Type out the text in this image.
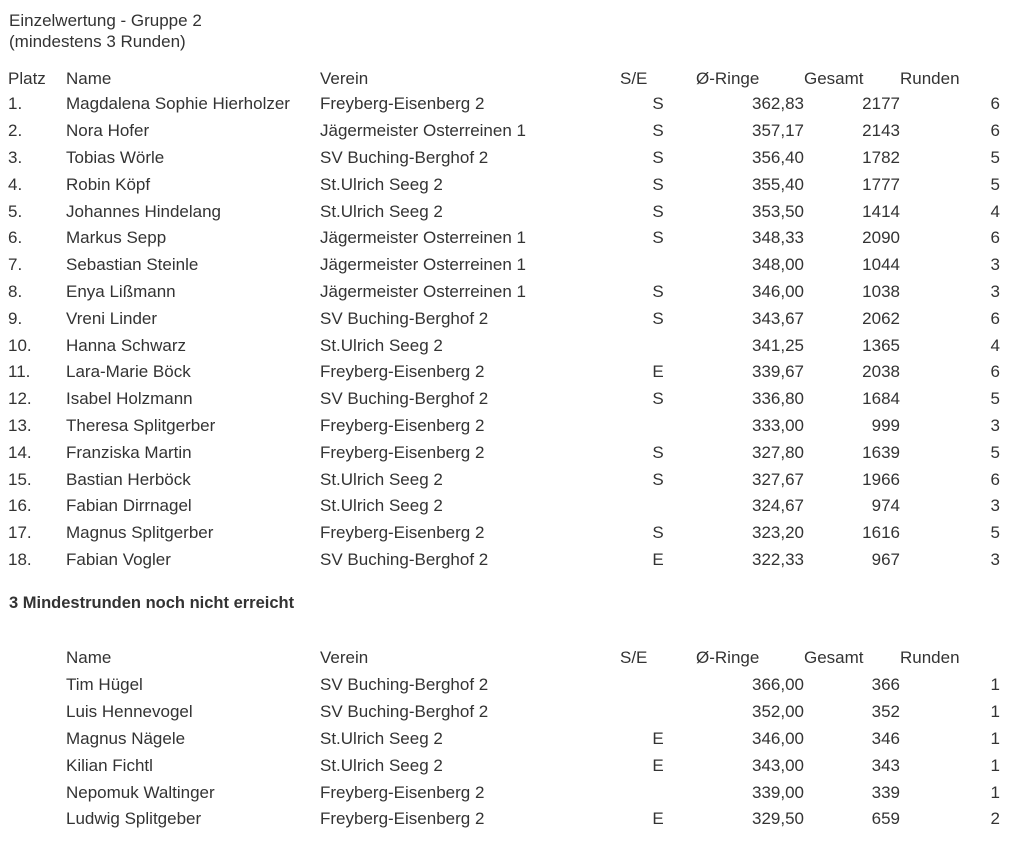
Einzelwertung - Gruppe 2
(mindestens 3 Runden)
Platz	Name	Verein	S/E	Ø-Ringe	Gesamt	Runden
1.	Magdalena Sophie Hierholzer	Freyberg-Eisenberg 2	S	362,83	2177	6
2.	Nora Hofer	Jägermeister Osterreinen 1	S	357,17	2143	6
3.	Tobias Wörle	SV Buching-Berghof 2	S	356,40	1782	5
4.	Robin Köpf	St.Ulrich Seeg 2	S	355,40	1777	5
5.	Johannes Hindelang	St.Ulrich Seeg 2	S	353,50	1414	4
6.	Markus Sepp	Jägermeister Osterreinen 1	S	348,33	2090	6
7.	Sebastian Steinle	Jägermeister Osterreinen 1		348,00	1044	3
8.	Enya Lißmann	Jägermeister Osterreinen 1	S	346,00	1038	3
9.	Vreni Linder	SV Buching-Berghof 2	S	343,67	2062	6
10.	Hanna Schwarz	St.Ulrich Seeg 2		341,25	1365	4
11.	Lara-Marie Böck	Freyberg-Eisenberg 2	E	339,67	2038	6
12.	Isabel Holzmann	SV Buching-Berghof 2	S	336,80	1684	5
13.	Theresa Splitgerber	Freyberg-Eisenberg 2		333,00	999	3
14.	Franziska Martin	Freyberg-Eisenberg 2	S	327,80	1639	5
15.	Bastian Herböck	St.Ulrich Seeg 2	S	327,67	1966	6
16.	Fabian Dirrnagel	St.Ulrich Seeg 2		324,67	974	3
17.	Magnus Splitgerber	Freyberg-Eisenberg 2	S	323,20	1616	5
18.	Fabian Vogler	SV Buching-Berghof 2	E	322,33	967	3
3 Mindestrunden noch nicht erreicht
	Name	Verein	S/E	Ø-Ringe	Gesamt	Runden
	Tim Hügel	SV Buching-Berghof 2		366,00	366	1
	Luis Hennevogel	SV Buching-Berghof 2		352,00	352	1
	Magnus Nägele	St.Ulrich Seeg 2	E	346,00	346	1
	Kilian Fichtl	St.Ulrich Seeg 2	E	343,00	343	1
	Nepomuk Waltinger	Freyberg-Eisenberg 2		339,00	339	1
	Ludwig Splitgeber	Freyberg-Eisenberg 2	E	329,50	659	2
